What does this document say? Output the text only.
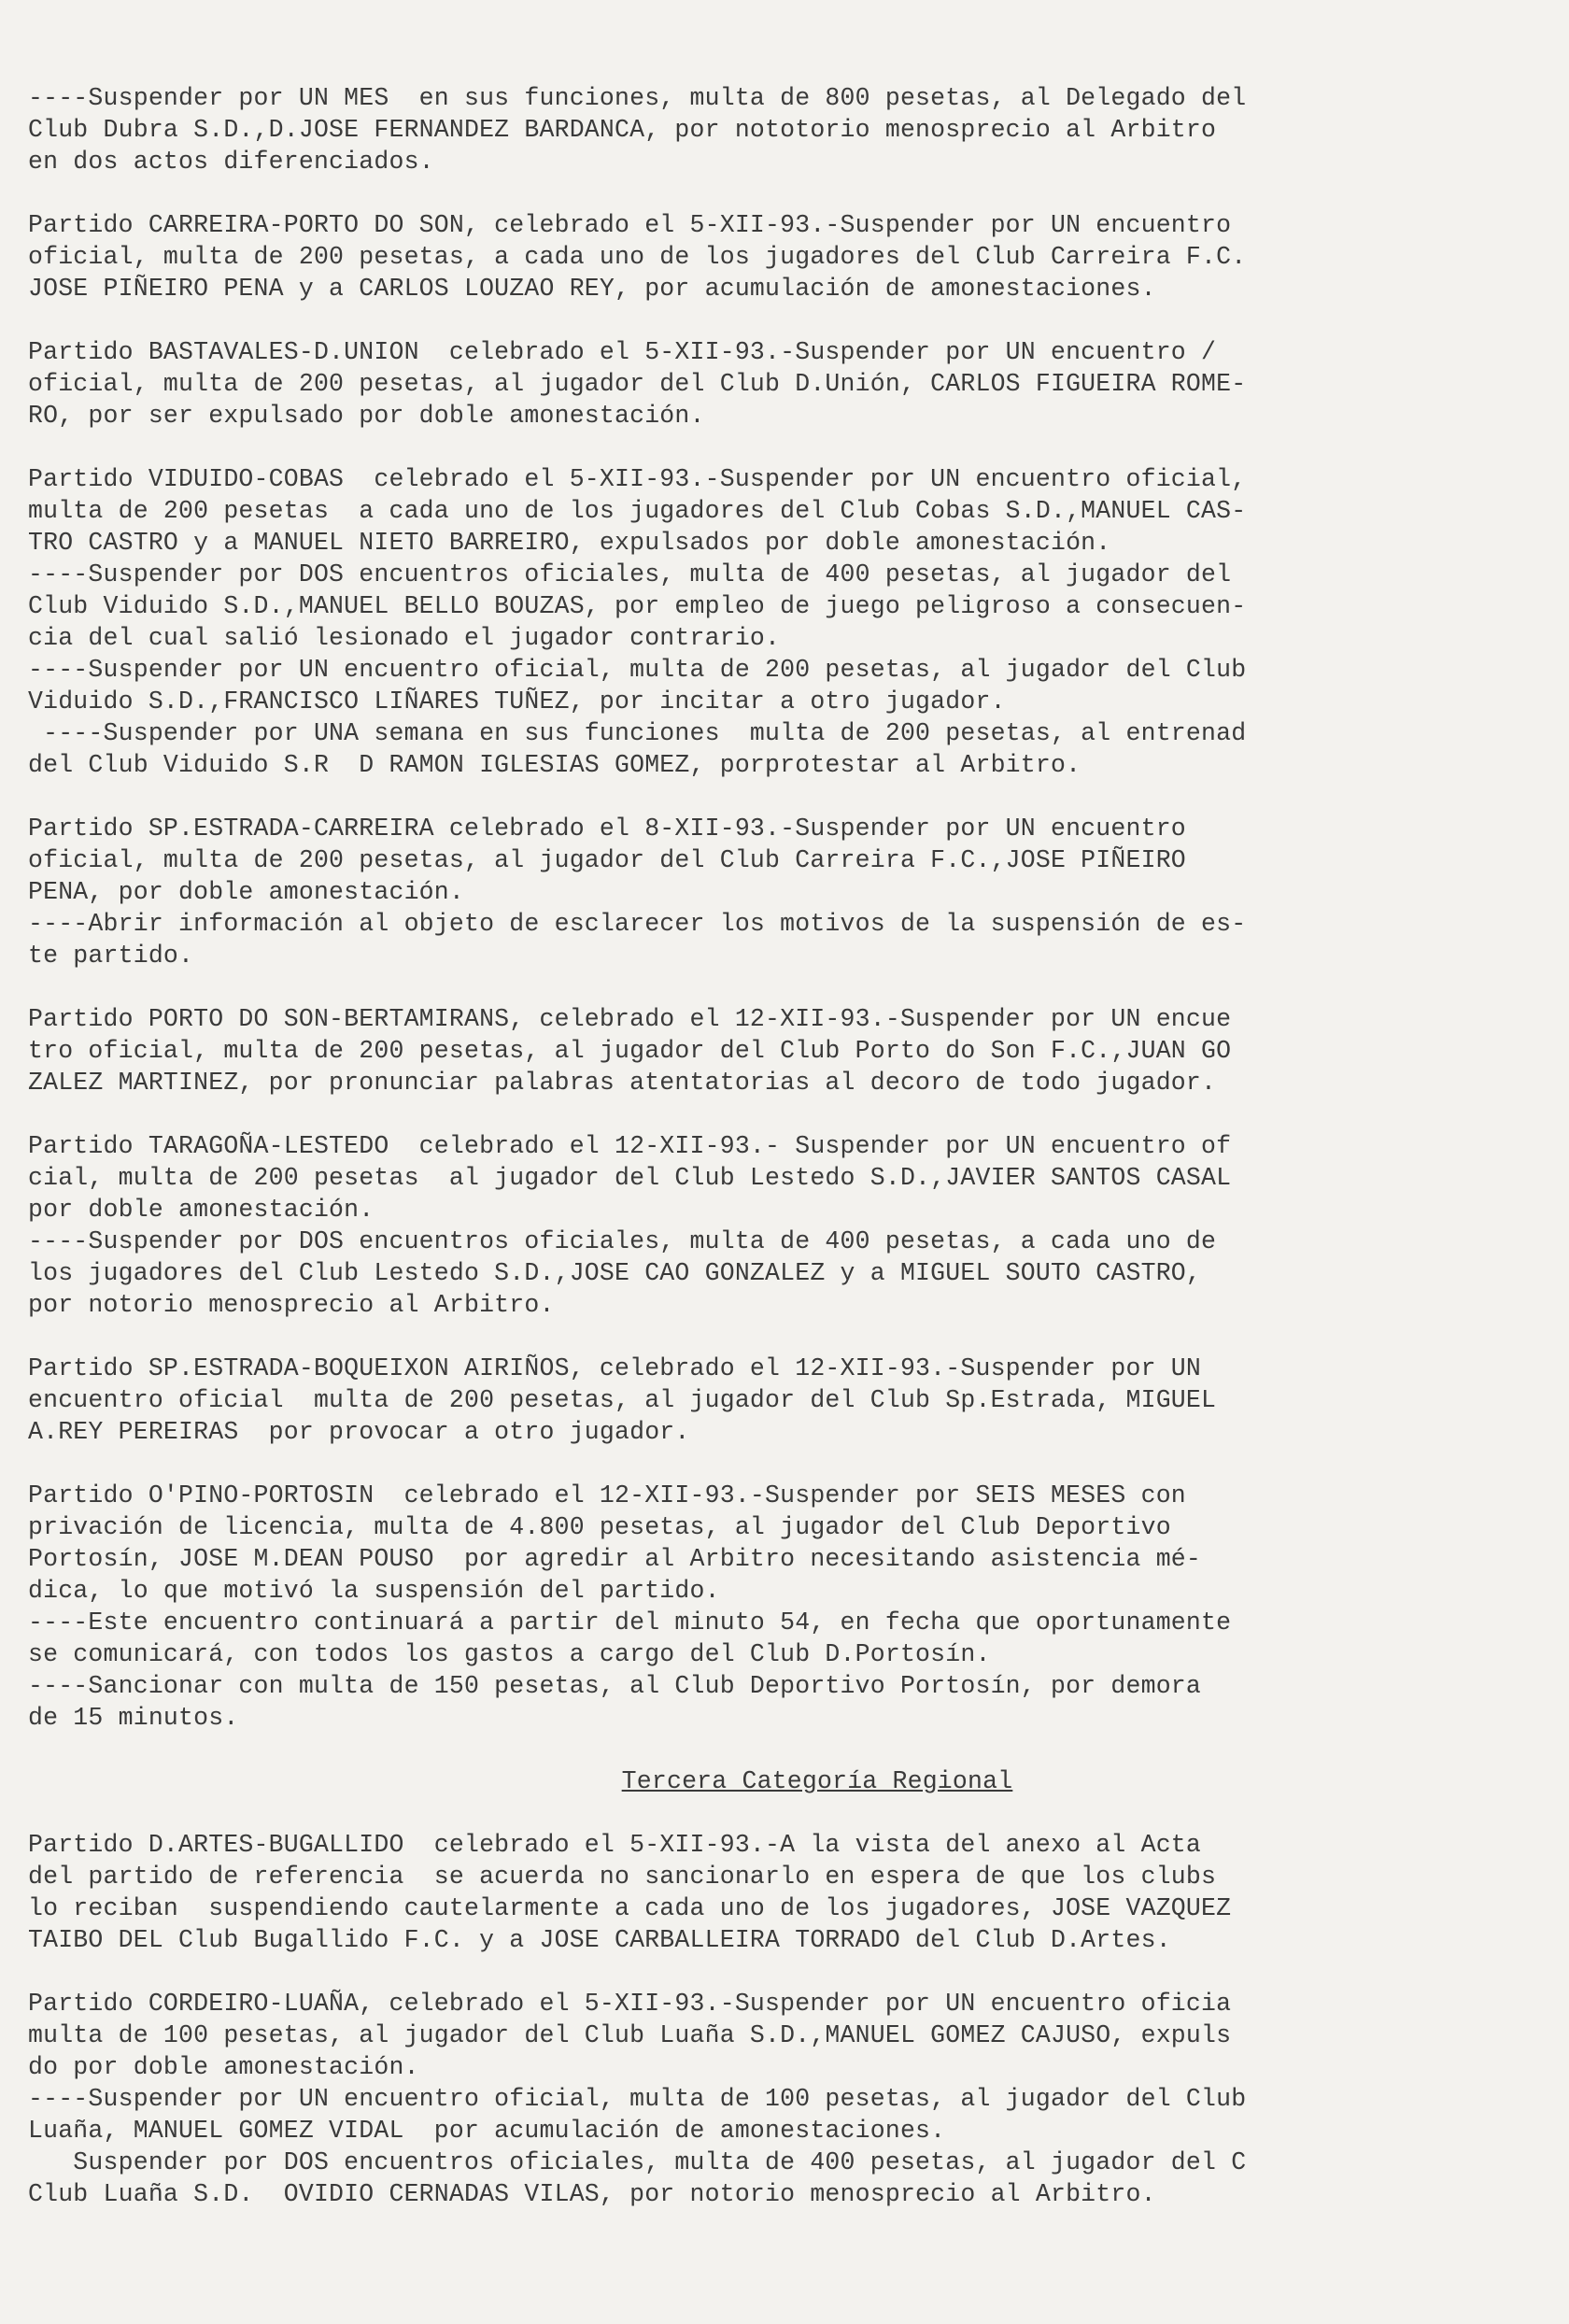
----Suspender por UN MES  en sus funciones, multa de 800 pesetas, al Delegado del
Club Dubra S.D.,D.JOSE FERNANDEZ BARDANCA, por nototorio menosprecio al Arbitro
en dos actos diferenciados.
Partido CARREIRA-PORTO DO SON, celebrado el 5-XII-93.-Suspender por UN encuentro
oficial, multa de 200 pesetas, a cada uno de los jugadores del Club Carreira F.C.
JOSE PIÑEIRO PENA y a CARLOS LOUZAO REY, por acumulación de amonestaciones.
Partido BASTAVALES-D.UNION  celebrado el 5-XII-93.-Suspender por UN encuentro /
oficial, multa de 200 pesetas, al jugador del Club D.Unión, CARLOS FIGUEIRA ROME-
RO, por ser expulsado por doble amonestación.
Partido VIDUIDO-COBAS  celebrado el 5-XII-93.-Suspender por UN encuentro oficial,
multa de 200 pesetas  a cada uno de los jugadores del Club Cobas S.D.,MANUEL CAS-
TRO CASTRO y a MANUEL NIETO BARREIRO, expulsados por doble amonestación.
----Suspender por DOS encuentros oficiales, multa de 400 pesetas, al jugador del
Club Viduido S.D.,MANUEL BELLO BOUZAS, por empleo de juego peligroso a consecuen-
cia del cual salió lesionado el jugador contrario.
----Suspender por UN encuentro oficial, multa de 200 pesetas, al jugador del Club
Viduido S.D.,FRANCISCO LIÑARES TUÑEZ, por incitar a otro jugador.
----Suspender por UNA semana en sus funciones  multa de 200 pesetas, al entrenad
del Club Viduido S.R  D RAMON IGLESIAS GOMEZ, porprotestar al Arbitro.
Partido SP.ESTRADA-CARREIRA celebrado el 8-XII-93.-Suspender por UN encuentro
oficial, multa de 200 pesetas, al jugador del Club Carreira F.C.,JOSE PIÑEIRO
PENA, por doble amonestación.
----Abrir información al objeto de esclarecer los motivos de la suspensión de es-
te partido.
Partido PORTO DO SON-BERTAMIRANS, celebrado el 12-XII-93.-Suspender por UN encue
tro oficial, multa de 200 pesetas, al jugador del Club Porto do Son F.C.,JUAN GO
ZALEZ MARTINEZ, por pronunciar palabras atentatorias al decoro de todo jugador.
Partido TARAGOÑA-LESTEDO  celebrado el 12-XII-93.- Suspender por UN encuentro of
cial, multa de 200 pesetas  al jugador del Club Lestedo S.D.,JAVIER SANTOS CASAL
por doble amonestación.
----Suspender por DOS encuentros oficiales, multa de 400 pesetas, a cada uno de
los jugadores del Club Lestedo S.D.,JOSE CAO GONZALEZ y a MIGUEL SOUTO CASTRO,
por notorio menosprecio al Arbitro.
Partido SP.ESTRADA-BOQUEIXON AIRIÑOS, celebrado el 12-XII-93.-Suspender por UN
encuentro oficial  multa de 200 pesetas, al jugador del Club Sp.Estrada, MIGUEL
A.REY PEREIRAS  por provocar a otro jugador.
Partido O'PINO-PORTOSIN  celebrado el 12-XII-93.-Suspender por SEIS MESES con
privación de licencia, multa de 4.800 pesetas, al jugador del Club Deportivo
Portosín, JOSE M.DEAN POUSO  por agredir al Arbitro necesitando asistencia mé-
dica, lo que motivó la suspensión del partido.
----Este encuentro continuará a partir del minuto 54, en fecha que oportunamente
se comunicará, con todos los gastos a cargo del Club D.Portosín.
----Sancionar con multa de 150 pesetas, al Club Deportivo Portosín, por demora
de 15 minutos.
Tercera Categoría Regional
Partido D.ARTES-BUGALLIDO  celebrado el 5-XII-93.-A la vista del anexo al Acta
del partido de referencia  se acuerda no sancionarlo en espera de que los clubs
lo reciban  suspendiendo cautelarmente a cada uno de los jugadores, JOSE VAZQUEZ
TAIBO DEL Club Bugallido F.C. y a JOSE CARBALLEIRA TORRADO del Club D.Artes.
Partido CORDEIRO-LUAÑA, celebrado el 5-XII-93.-Suspender por UN encuentro oficia
multa de 100 pesetas, al jugador del Club Luaña S.D.,MANUEL GOMEZ CAJUSO, expuls
do por doble amonestación.
----Suspender por UN encuentro oficial, multa de 100 pesetas, al jugador del Club
Luaña, MANUEL GOMEZ VIDAL  por acumulación de amonestaciones.
Suspender por DOS encuentros oficiales, multa de 400 pesetas, al jugador del C
Club Luaña S.D.  OVIDIO CERNADAS VILAS, por notorio menosprecio al Arbitro.
